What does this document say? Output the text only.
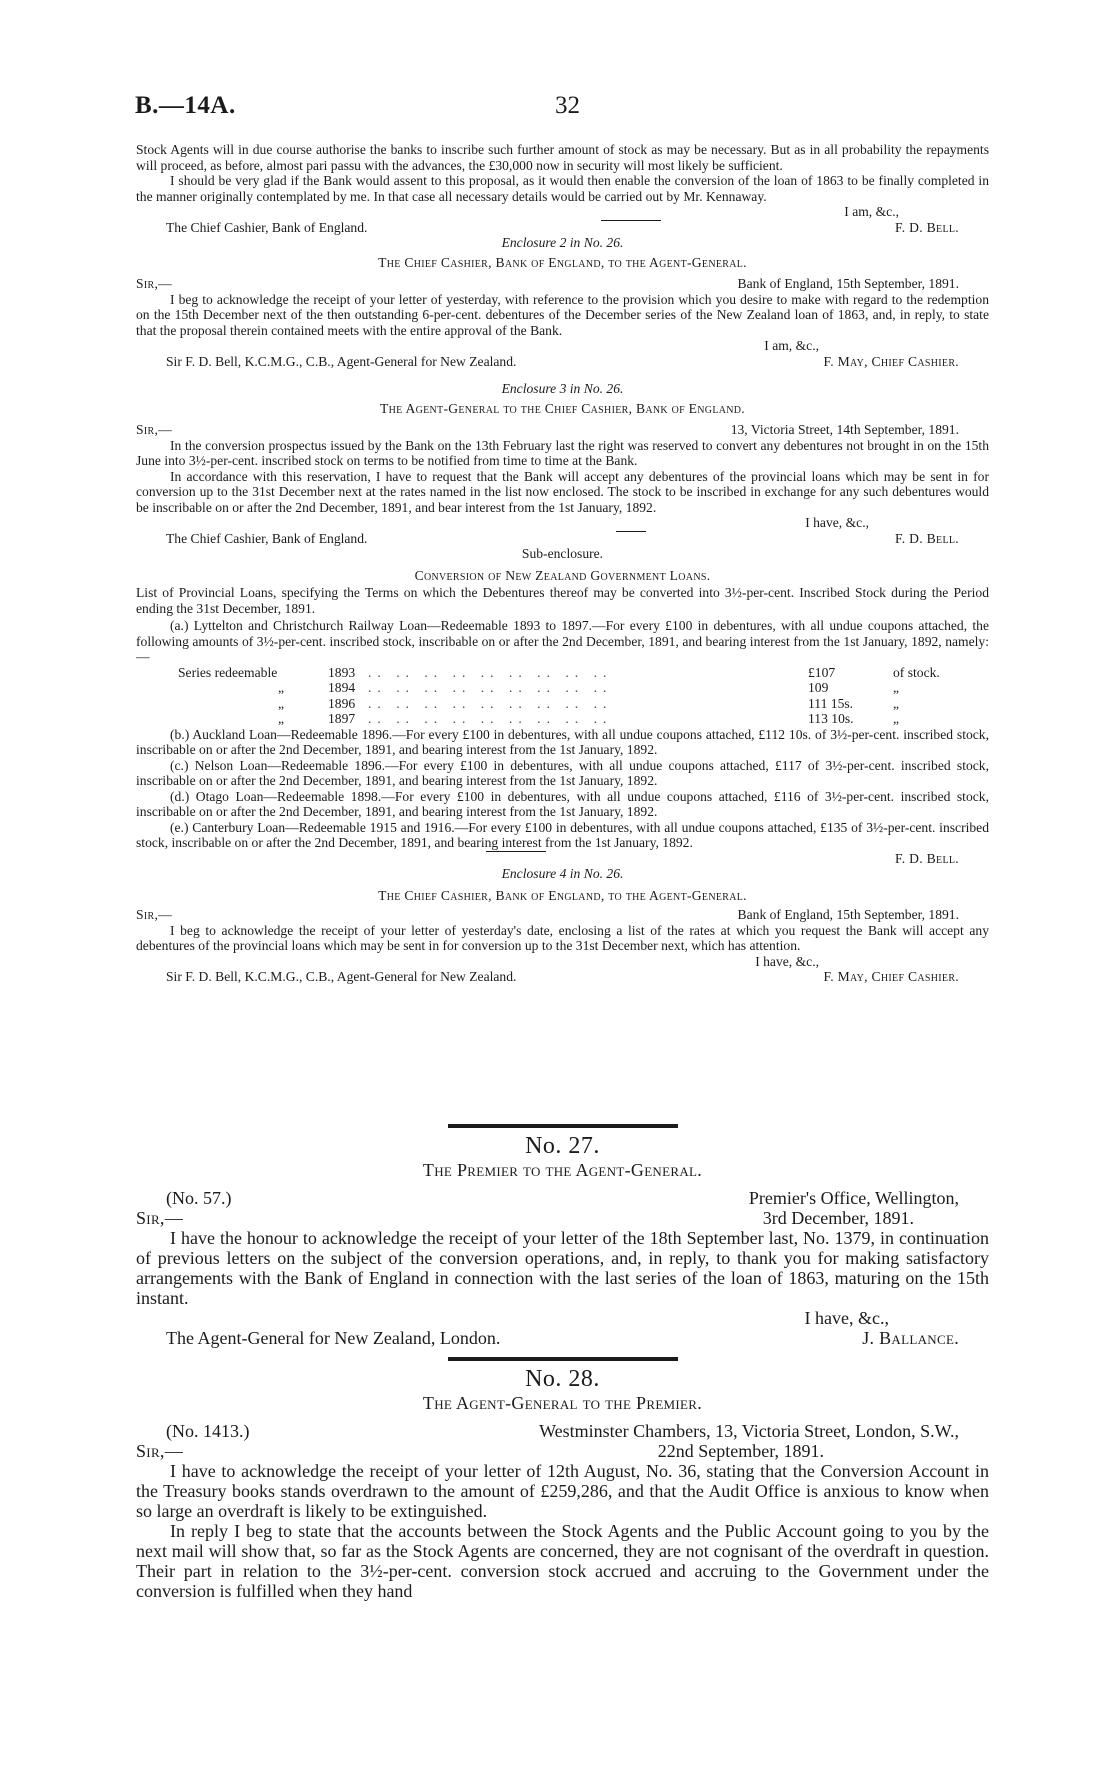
B.—14A.	32

Stock Agents will in due course authorise the banks to inscribe such further amount of stock as may be necessary. But as in all probability the repayments will proceed, as before, almost pari passu with the advances, the £30,000 now in security will most likely be sufficient.

I should be very glad if the Bank would assent to this proposal, as it would then enable the conversion of the loan of 1863 to be finally completed in the manner originally contemplated by me. In that case all necessary details would be carried out by Mr. Kennaway.

I am, &c.,
The Chief Cashier, Bank of England.	F. D. Bell.

Enclosure 2 in No. 26.

The Chief Cashier, Bank of England, to the Agent-General.

Sir,—	Bank of England, 15th September, 1891.

I beg to acknowledge the receipt of your letter of yesterday, with reference to the provision which you desire to make with regard to the redemption on the 15th December next of the then outstanding 6-per-cent. debentures of the December series of the New Zealand loan of 1863, and, in reply, to state that the proposal therein contained meets with the entire approval of the Bank.

I am, &c.,
Sir F. D. Bell, K.C.M.G., C.B., Agent-General for New Zealand.	F. May, Chief Cashier.

Enclosure 3 in No. 26.

The Agent-General to the Chief Cashier, Bank of England.

Sir,—	13, Victoria Street, 14th September, 1891.

In the conversion prospectus issued by the Bank on the 13th February last the right was reserved to convert any debentures not brought in on the 15th June into 3½-per-cent. inscribed stock on terms to be notified from time to time at the Bank.

In accordance with this reservation, I have to request that the Bank will accept any debentures of the provincial loans which may be sent in for conversion up to the 31st December next at the rates named in the list now enclosed. The stock to be inscribed in exchange for any such debentures would be inscribable on or after the 2nd December, 1891, and bear interest from the 1st January, 1892.

I have, &c.,
The Chief Cashier, Bank of England.	F. D. Bell.

Sub-enclosure.

Conversion of New Zealand Government Loans.

List of Provincial Loans, specifying the Terms on which the Debentures thereof may be converted into 3½-per-cent. Inscribed Stock during the Period ending the 31st December, 1891.

(a.) Lyttelton and Christchurch Railway Loan—Redeemable 1893 to 1897.—For every £100 in debentures, with all undue coupons attached, the following amounts of 3½-per-cent. inscribed stock, inscribable on or after the 2nd December, 1891, and bearing interest from the 1st January, 1892, namely:—

Series redeemable	1893 .. .. .. .. .. .. .. .. ..	£107	of stock.
„	1894 .. .. .. .. .. .. .. .. ..	109	„
„	1896 .. .. .. .. .. .. .. .. ..	111 15s.	„
„	1897 .. .. .. .. .. .. .. .. ..	113 10s.	„

(b.) Auckland Loan—Redeemable 1896.—For every £100 in debentures, with all undue coupons attached, £112 10s. of 3½-per-cent. inscribed stock, inscribable on or after the 2nd December, 1891, and bearing interest from the 1st January, 1892.

(c.) Nelson Loan—Redeemable 1896.—For every £100 in debentures, with all undue coupons attached, £117 of 3½-per-cent. inscribed stock, inscribable on or after the 2nd December, 1891, and bearing interest from the 1st January, 1892.

(d.) Otago Loan—Redeemable 1898.—For every £100 in debentures, with all undue coupons attached, £116 of 3½-per-cent. inscribed stock, inscribable on or after the 2nd December, 1891, and bearing interest from the 1st January, 1892.

(e.) Canterbury Loan—Redeemable 1915 and 1916.—For every £100 in debentures, with all undue coupons attached, £135 of 3½-per-cent. inscribed stock, inscribable on or after the 2nd December, 1891, and bearing interest from the 1st January, 1892.

F. D. Bell.

Enclosure 4 in No. 26.

The Chief Cashier, Bank of England, to the Agent-General.

Sir,—	Bank of England, 15th September, 1891.

I beg to acknowledge the receipt of your letter of yesterday's date, enclosing a list of the rates at which you request the Bank will accept any debentures of the provincial loans which may be sent in for conversion up to the 31st December next, which has attention.

I have, &c.,
Sir F. D. Bell, K.C.M.G., C.B., Agent-General for New Zealand.	F. May, Chief Cashier.
No. 27.

The Premier to the Agent-General.

(No. 57.)	Premier's Office, Wellington,
Sir,—	3rd December, 1891.

I have the honour to acknowledge the receipt of your letter of the 18th September last, No. 1379, in continuation of previous letters on the subject of the conversion operations, and, in reply, to thank you for making satisfactory arrangements with the Bank of England in connection with the last series of the loan of 1863, maturing on the 15th instant.

I have, &c.,
The Agent-General for New Zealand, London.	J. Ballance.
No. 28.

The Agent-General to the Premier.

(No. 1413.)	Westminster Chambers, 13, Victoria Street, London, S.W.,
Sir,—	22nd September, 1891.

I have to acknowledge the receipt of your letter of 12th August, No. 36, stating that the Conversion Account in the Treasury books stands overdrawn to the amount of £259,286, and that the Audit Office is anxious to know when so large an overdraft is likely to be extinguished.

In reply I beg to state that the accounts between the Stock Agents and the Public Account going to you by the next mail will show that, so far as the Stock Agents are concerned, they are not cognisant of the overdraft in question. Their part in relation to the 3½-per-cent. conversion stock accrued and accruing to the Government under the conversion is fulfilled when they hand
